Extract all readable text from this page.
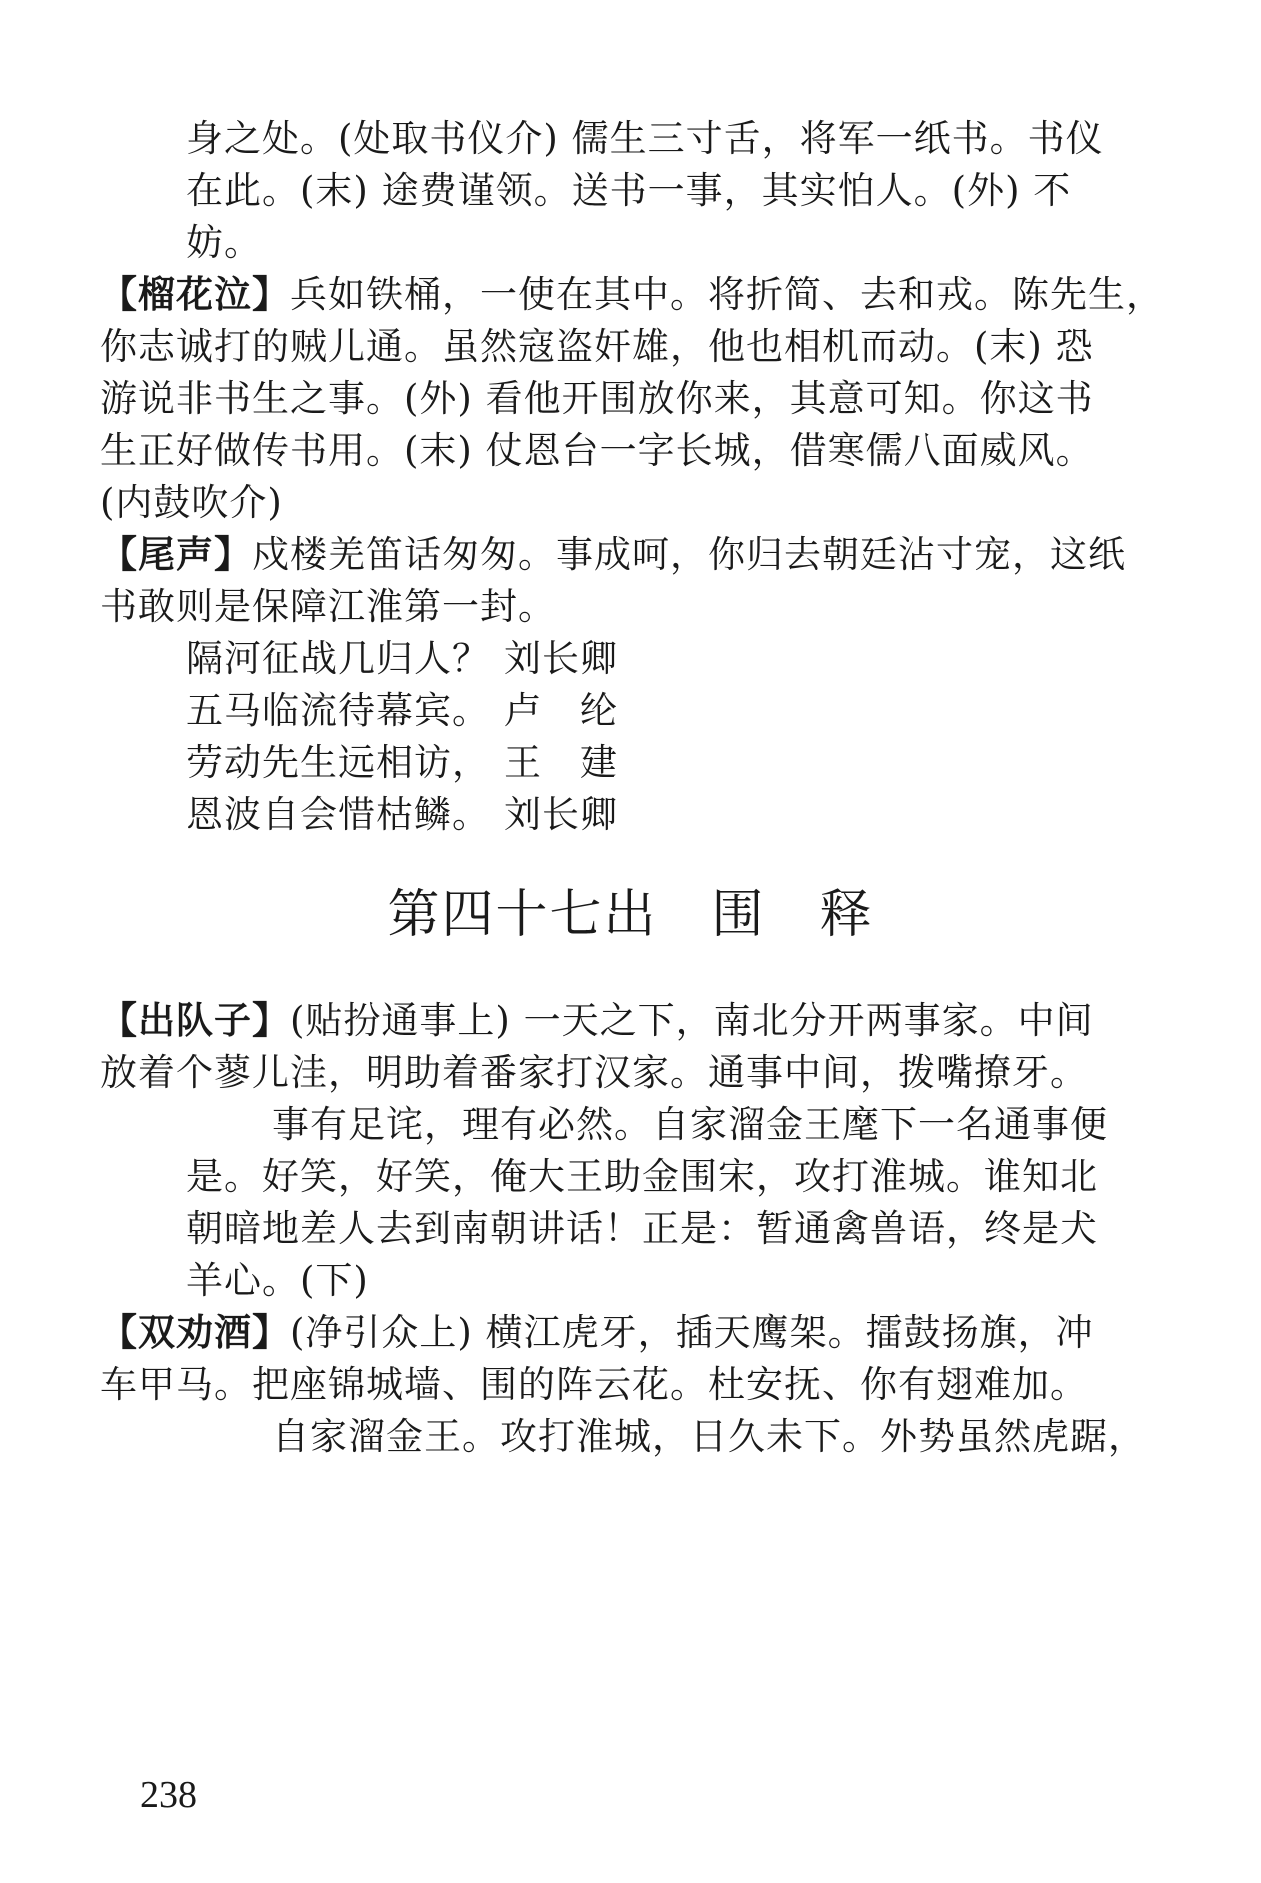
身之处。(处取书仪介) 儒生三寸舌，将军一纸书。书仪
在此。(末) 途费谨领。送书一事，其实怕人。(外) 不
妨。
【榴花泣】兵如铁桶，一使在其中。将折简、去和戎。陈先生，
你志诚打的贼儿通。虽然寇盗奸雄，他也相机而动。(末) 恐
游说非书生之事。(外) 看他开围放你来，其意可知。你这书
生正好做传书用。(末) 仗恩台一字长城，借寒儒八面威风。
(内鼓吹介)
【尾声】戍楼羌笛话匆匆。事成呵，你归去朝廷沾寸宠，这纸
书敢则是保障江淮第一封。
隔河征战几归人？ 刘长卿
五马临流待幕宾。 卢　纶
劳动先生远相访， 王　建
恩波自会惜枯鳞。 刘长卿
第四十七出　围　释
【出队子】(贴扮通事上) 一天之下，南北分开两事家。中间
放着个蓼儿洼，明助着番家打汉家。通事中间，拨嘴撩牙。
事有足诧，理有必然。自家溜金王麾下一名通事便
是。好笑，好笑，俺大王助金围宋，攻打淮城。谁知北
朝暗地差人去到南朝讲话！正是：暂通禽兽语，终是犬
羊心。(下)
【双劝酒】(净引众上) 横江虎牙，插天鹰架。擂鼓扬旗，冲
车甲马。把座锦城墙、围的阵云花。杜安抚、你有翅难加。
自家溜金王。攻打淮城，日久未下。外势虽然虎踞，
238
